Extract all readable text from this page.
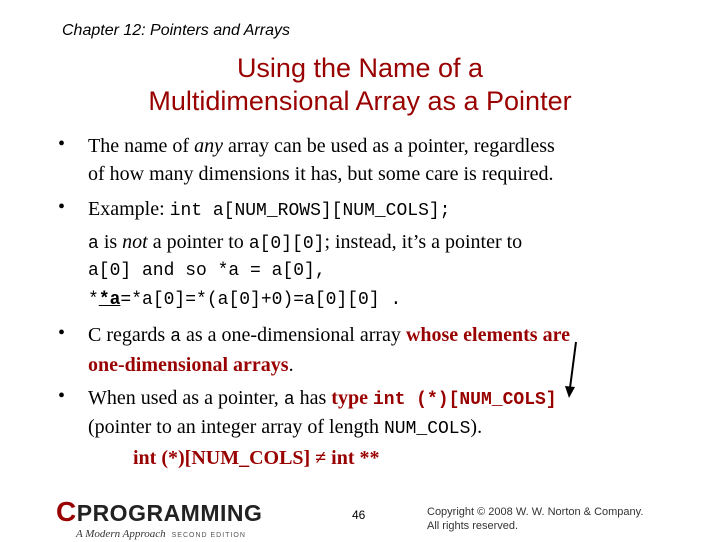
Chapter 12: Pointers and Arrays
Using the Name of a
Multidimensional Array as a Pointer
• The name of any array can be used as a pointer, regardless
of how many dimensions it has, but some care is required.
• Example: int a[NUM_ROWS][NUM_COLS];
a is not a pointer to a[0][0]; instead, it’s a pointer to
a[0] and so *a = a[0],
**a=*a[0]=*(a[0]+0)=a[0][0] .
• C regards a as a one-dimensional array whose elements are
one-dimensional arrays.
• When used as a pointer, a has type int (*)[NUM_COLS]
(pointer to an integer array of length NUM_COLS).
int (*)[NUM_COLS] ≠ int **
CPROGRAMMING
A Modern Approach SECOND EDITION
46	Copyright © 2008 W. W. Norton & Company.
All rights reserved.
